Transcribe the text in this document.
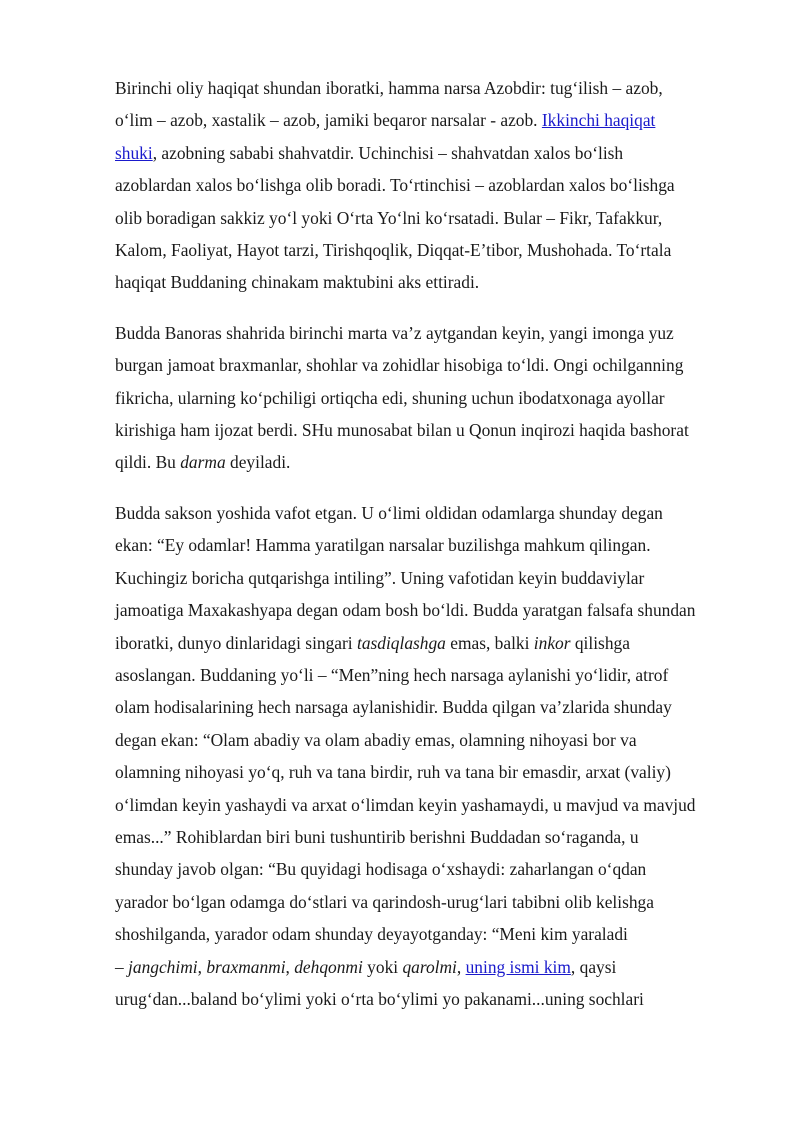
Birinchi oliy haqiqat shundan iboratki, hamma narsa Azobdir: tug‘ilish – azob,
o‘lim – azob, xastalik – azob, jamiki beqaror narsalar - azob. Ikkinchi haqiqat
shuki, azobning sababi shahvatdir. Uchinchisi – shahvatdan xalos bo‘lish
azoblardan xalos bo‘lishga olib boradi. To‘rtinchisi – azoblardan xalos bo‘lishga
olib boradigan sakkiz yo‘l yoki O‘rta Yo‘lni ko‘rsatadi. Bular – Fikr, Tafakkur,
Kalom, Faoliyat, Hayot tarzi, Tirishqoqlik, Diqqat-E’tibor, Mushohada. To‘rtala
haqiqat Buddaning chinakam maktubini aks ettiradi.

Budda Banoras shahrida birinchi marta va’z aytgandan keyin, yangi imonga yuz
burgan jamoat braxmanlar, shohlar va zohidlar hisobiga to‘ldi. Ongi ochilganning
fikricha, ularning ko‘pchiligi ortiqcha edi, shuning uchun ibodatxonaga ayollar
kirishiga ham ijozat berdi. SHu munosabat bilan u Qonun inqirozi haqida bashorat
qildi. Bu darma deyiladi.

Budda sakson yoshida vafot etgan. U o‘limi oldidan odamlarga shunday degan
ekan: “Ey odamlar! Hamma yaratilgan narsalar buzilishga mahkum qilingan.
Kuchingiz boricha qutqarishga intiling”. Uning vafotidan keyin buddaviylar
jamoatiga Maxakashyapa degan odam bosh bo‘ldi. Budda yaratgan falsafa shundan
iboratki, dunyo dinlaridagi singari tasdiqlashga emas, balki inkor qilishga
asoslangan. Buddaning yo‘li – “Men”ning hech narsaga aylanishi yo‘lidir, atrof
olam hodisalarining hech narsaga aylanishidir. Budda qilgan va’zlarida shunday
degan ekan: “Olam abadiy va olam abadiy emas, olamning nihoyasi bor va
olamning nihoyasi yo‘q, ruh va tana birdir, ruh va tana bir emasdir, arxat (valiy)
o‘limdan keyin yashaydi va arxat o‘limdan keyin yashamaydi, u mavjud va mavjud
emas...” Rohiblardan biri buni tushuntirib berishni Buddadan so‘raganda, u
shunday javob olgan: “Bu quyidagi hodisaga o‘xshaydi: zaharlangan o‘qdan
yarador bo‘lgan odamga do‘stlari va qarindosh-urug‘lari tabibni olib kelishga
shoshilganda, yarador odam shunday deyayotganday: “Meni kim yaraladi
– jangchimi, braxmanmi, dehqonmi yoki qarolmi, uning ismi kim, qaysi
urug‘dan...baland bo‘ylimi yoki o‘rta bo‘ylimi yo pakanami...uning sochlari
